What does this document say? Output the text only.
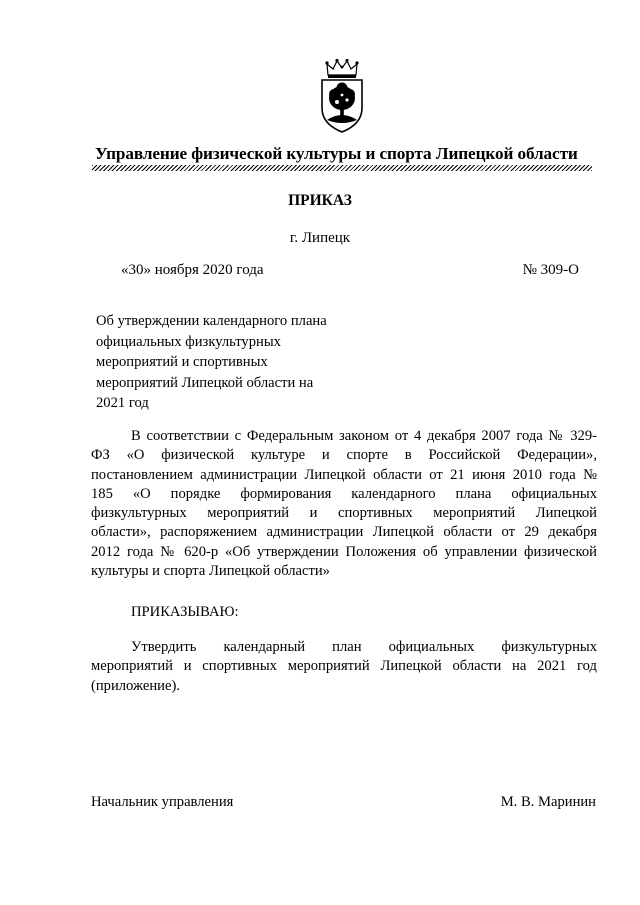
Управление физической культуры и спорта Липецкой области
ПРИКАЗ
г. Липецк
«30» ноября 2020 года	№ 309-О
Об утверждении календарного плана
официальных физкультурных
мероприятий и спортивных
мероприятий Липецкой области на
2021 год
В соответствии с Федеральным законом от 4 декабря 2007 года № 329-
ФЗ «О физической культуре и спорте в Российской Федерации»,
постановлением администрации Липецкой области от 21 июня 2010 года №
185 «О порядке формирования календарного плана официальных
физкультурных мероприятий и спортивных мероприятий Липецкой
области», распоряжением администрации Липецкой области от 29 декабря
2012 года № 620-р «Об утверждении Положения об управлении физической
культуры и спорта Липецкой области»
ПРИКАЗЫВАЮ:
Утвердить календарный план официальных физкультурных
мероприятий и спортивных мероприятий Липецкой области на 2021 год
(приложение).
Начальник управления	М. В. Маринин
